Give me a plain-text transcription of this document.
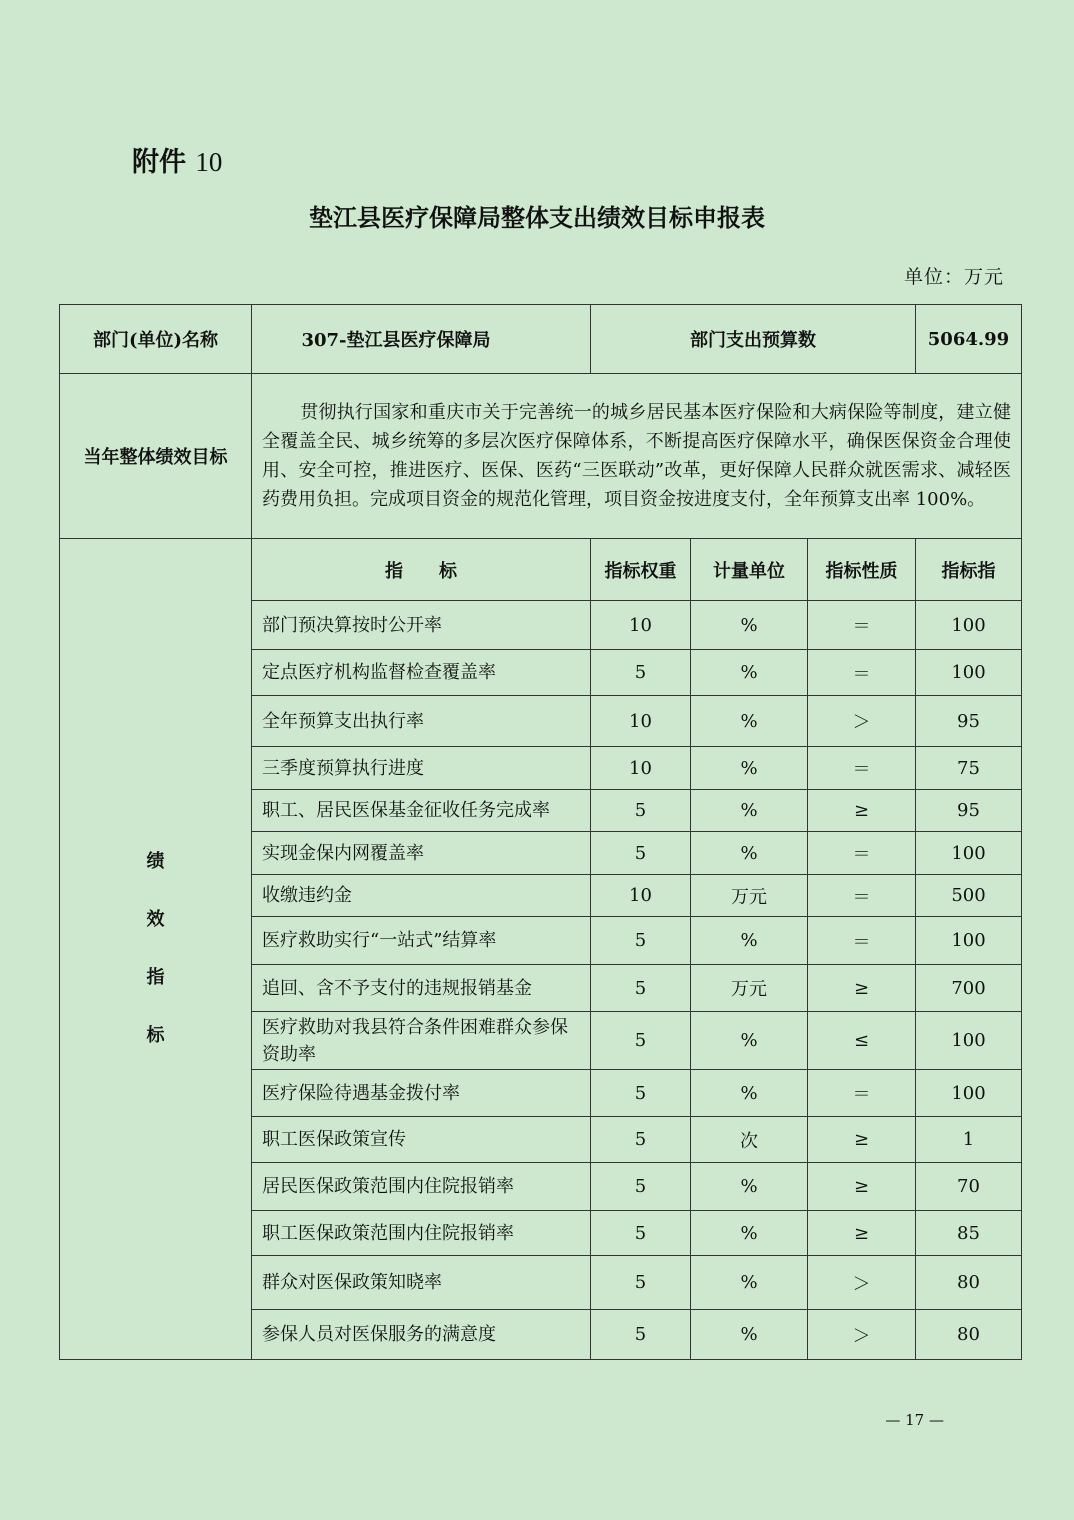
附件 10
垫江县医疗保障局整体支出绩效目标申报表
单位：万元
部门(单位)名称	307-垫江县医疗保障局	部门支出预算数			5064.99
当年整体绩效目标	贯彻执行国家和重庆市关于完善统一的城乡居民基本医疗保险和大病保险等制度，建立健全覆盖全民、城乡统筹的多层次医疗保障体系，不断提高医疗保障水平，确保医保资金合理使用、安全可控，推进医疗、医保、医药“三医联动”改革，更好保障人民群众就医需求、减轻医药费用负担。完成项目资金的规范化管理，项目资金按进度支付，全年预算支出率 100%。				

绩
效
指
标	指　　标	指标权重	计量单位	指标性质	指标指
	部门预决算按时公开率	10	%	＝	100
	定点医疗机构监督检查覆盖率	5	%	＝	100
	全年预算支出执行率	10	%	＞	95
	三季度预算执行进度	10	%	＝	75
	职工、居民医保基金征收任务完成率	5	%	≥	95
	实现金保内网覆盖率	5	%	＝	100
	收缴违约金	10	万元	＝	500
	医疗救助实行“一站式”结算率	5	%	＝	100
	追回、含不予支付的违规报销基金	5	万元	≥	700
	医疗救助对我县符合条件困难群众参保资助率	5	%	≤	100
	医疗保险待遇基金拨付率	5	%	＝	100
	职工医保政策宣传	5	次	≥	1
	居民医保政策范围内住院报销率	5	%	≥	70
	职工医保政策范围内住院报销率	5	%	≥	85
	群众对医保政策知晓率	5	%	＞	80
	参保人员对医保服务的满意度	5	%	＞	80
— 17 —
